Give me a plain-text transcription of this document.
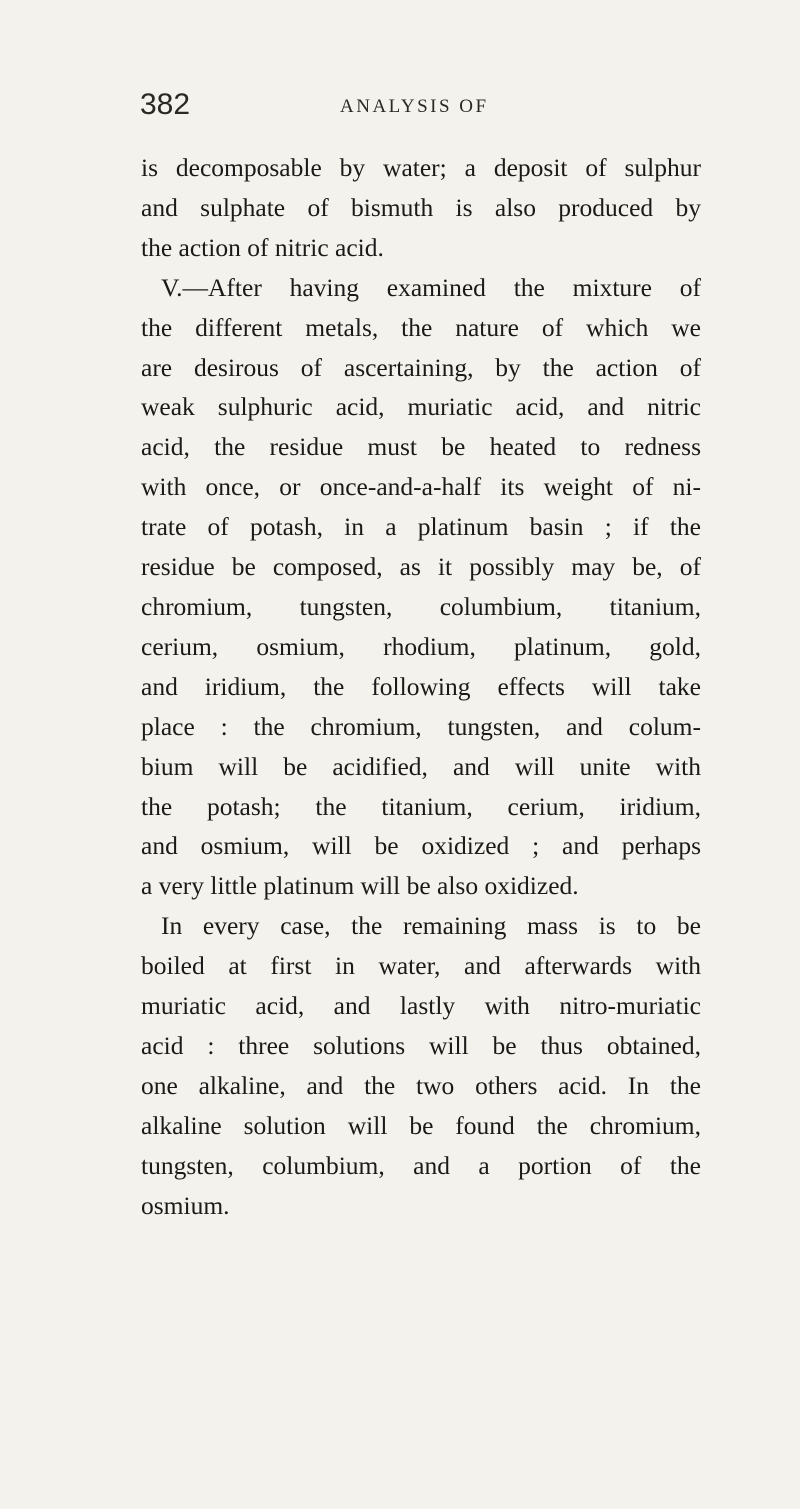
382	ANALYSIS OF
is decomposable by water; a deposit of sulphur
and sulphate of bismuth is also produced by
the action of nitric acid.
V.—After having examined the mixture of
the different metals, the nature of which we
are desirous of ascertaining, by the action of
weak sulphuric acid, muriatic acid, and nitric
acid, the residue must be heated to redness
with once, or once-and-a-half its weight of ni-
trate of potash, in a platinum basin ; if the
residue be composed, as it possibly may be, of
chromium, tungsten, columbium, titanium,
cerium, osmium, rhodium, platinum, gold,
and iridium, the following effects will take
place : the chromium, tungsten, and colum-
bium will be acidified, and will unite with
the potash; the titanium, cerium, iridium,
and osmium, will be oxidized ; and perhaps
a very little platinum will be also oxidized.
In every case, the remaining mass is to be
boiled at first in water, and afterwards with
muriatic acid, and lastly with nitro-muriatic
acid : three solutions will be thus obtained,
one alkaline, and the two others acid. In the
alkaline solution will be found the chromium,
tungsten, columbium, and a portion of the
osmium.
